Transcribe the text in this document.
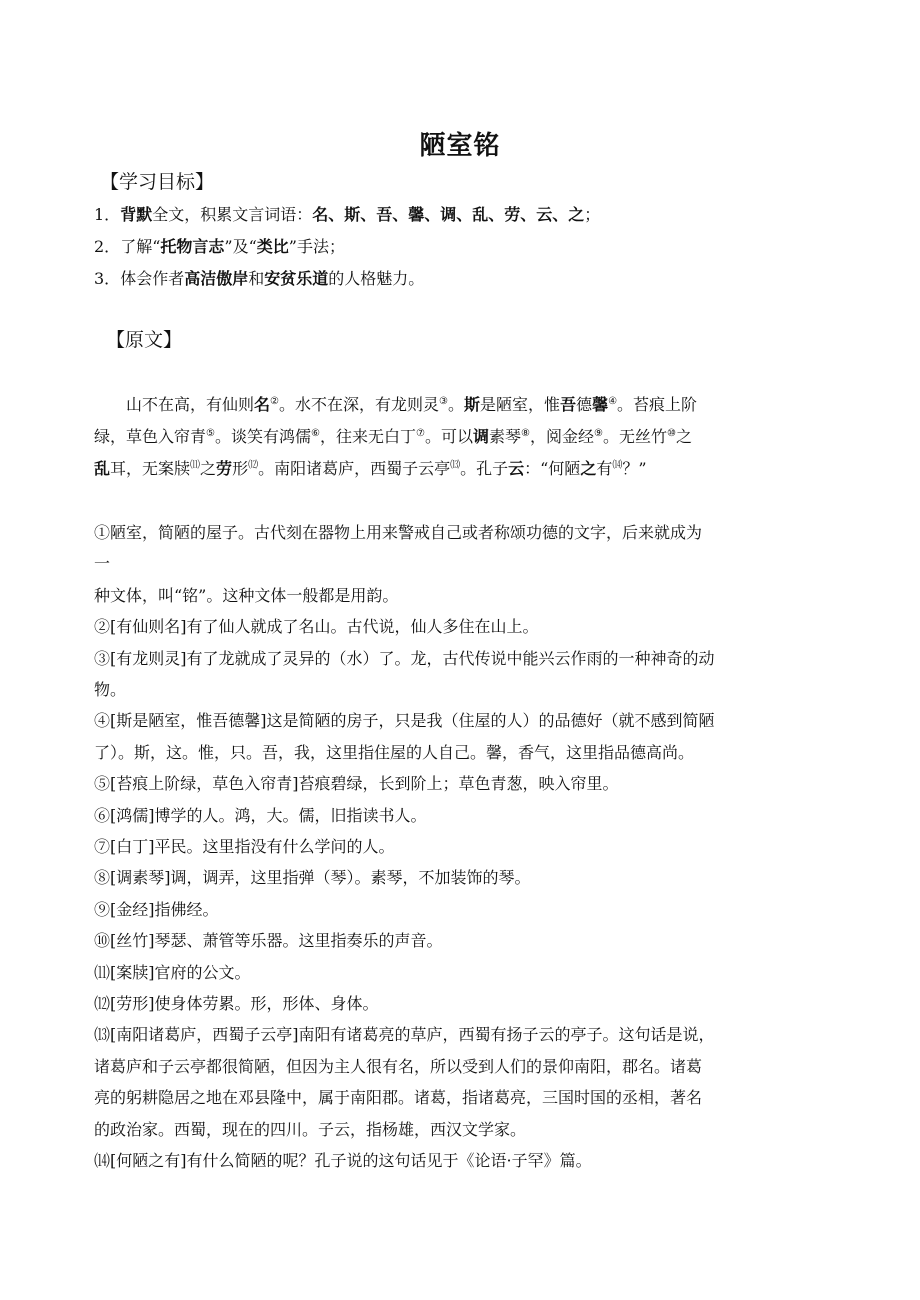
陋室铭
【学习目标】
1．背默全文，积累文言词语：名、斯、吾、馨、调、乱、劳、云、之；
2．了解“托物言志”及“类比”手法；
3．体会作者高洁傲岸和安贫乐道的人格魅力。
【原文】
　　山不在高，有仙则名②。水不在深，有龙则灵③。斯是陋室，惟吾德馨④。苔痕上阶
绿，草色入帘青⑤。谈笑有鸿儒⑥，往来无白丁⑦。可以调素琴⑧，阅金经⑨。无丝竹⑩之
乱耳，无案牍⑾之劳形⑿。南阳诸葛庐，西蜀子云亭⒀。孔子云：“何陋之有⒁？”
①陋室，简陋的屋子。古代刻在器物上用来警戒自己或者称颂功德的文字，后来就成为
一
种文体，叫“铭”。这种文体一般都是用韵。
②[有仙则名]有了仙人就成了名山。古代说，仙人多住在山上。
③[有龙则灵]有了龙就成了灵异的（水）了。龙，古代传说中能兴云作雨的一种神奇的动
物。
④[斯是陋室，惟吾德馨]这是简陋的房子，只是我（住屋的人）的品德好（就不感到简陋
了）。斯，这。惟，只。吾，我，这里指住屋的人自己。馨，香气，这里指品德高尚。
⑤[苔痕上阶绿，草色入帘青]苔痕碧绿，长到阶上；草色青葱，映入帘里。
⑥[鸿儒]博学的人。鸿，大。儒，旧指读书人。
⑦[白丁]平民。这里指没有什么学问的人。
⑧[调素琴]调，调弄，这里指弹（琴）。素琴，不加装饰的琴。
⑨[金经]指佛经。
⑩[丝竹]琴瑟、萧管等乐器。这里指奏乐的声音。
⑾[案牍]官府的公文。
⑿[劳形]使身体劳累。形，形体、身体。
⒀[南阳诸葛庐，西蜀子云亭]南阳有诸葛亮的草庐，西蜀有扬子云的亭子。这句话是说，
诸葛庐和子云亭都很简陋，但因为主人很有名，所以受到人们的景仰南阳，郡名。诸葛
亮的躬耕隐居之地在邓县隆中，属于南阳郡。诸葛，指诸葛亮，三国时国的丞相，著名
的政治家。西蜀，现在的四川。子云，指杨雄，西汉文学家。
⒁[何陋之有]有什么简陋的呢？孔子说的这句话见于《论语·子罕》篇。
